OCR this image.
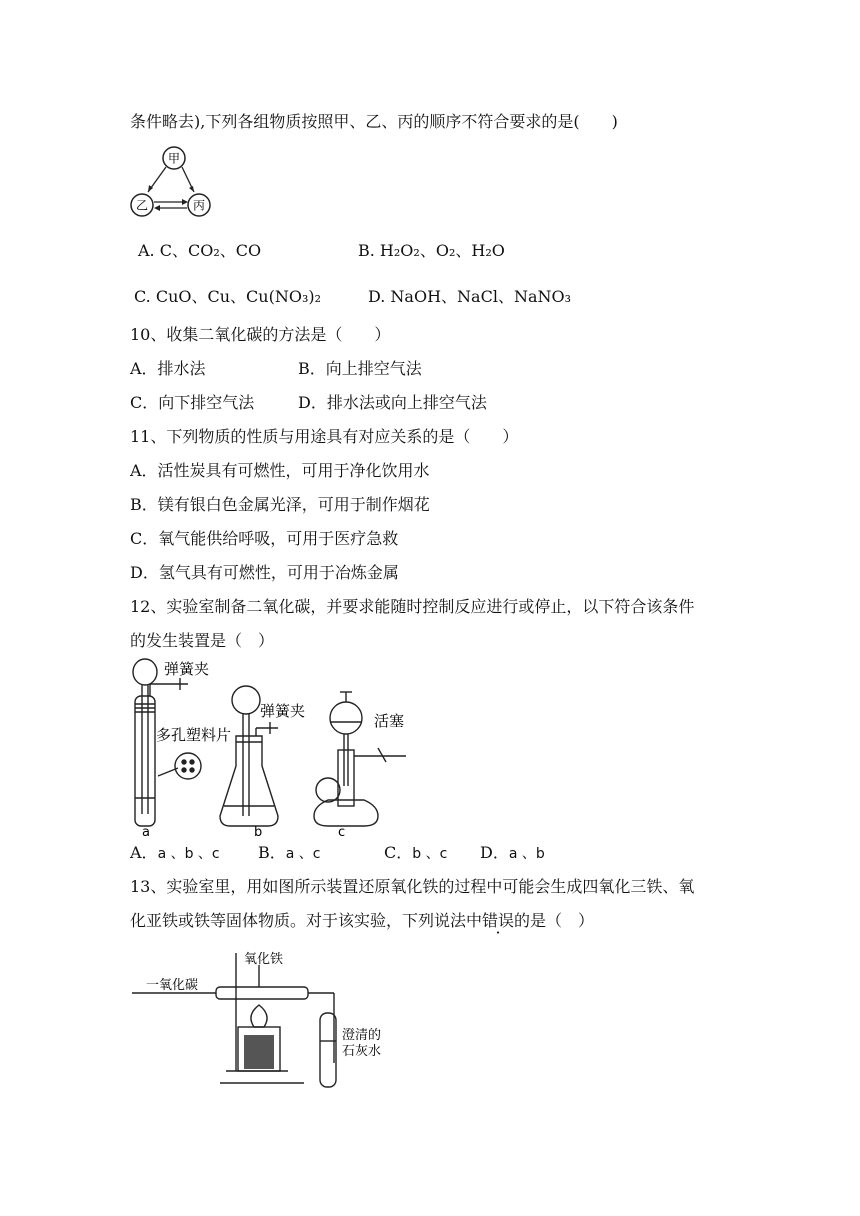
条件略去),下列各组物质按照甲、乙、丙的顺序不符合要求的是(　　)
甲
乙	丙
A. C、CO₂、CO	B. H₂O₂、O₂、H₂O
C. CuO、Cu、Cu(NO₃)₂	D. NaOH、NaCl、NaNO₃
10、收集二氧化碳的方法是（　　）
A．排水法	B．向上排空气法
C．向下排空气法	D．排水法或向上排空气法
11、下列物质的性质与用途具有对应关系的是（　　）
A．活性炭具有可燃性，可用于净化饮用水
B．镁有银白色金属光泽，可用于制作烟花
C．氧气能供给呼吸，可用于医疗急救
D．氢气具有可燃性，可用于冶炼金属
12、实验室制备二氧化碳，并要求能随时控制反应进行或停止，以下符合该条件
的发生装置是（　）
弹簧夹
多孔塑料片
a
弹簧夹
b
活塞
c
A．a 、b 、c B．a 、c	C．b 、c D．a 、b
13、实验室里，用如图所示装置还原氧化铁的过程中可能会生成四氧化三铁、氧
化亚铁或铁等固体物质。对于该实验，下列说法中错误的是（　）
一氧化碳
氧化铁
澄清的
石灰水
